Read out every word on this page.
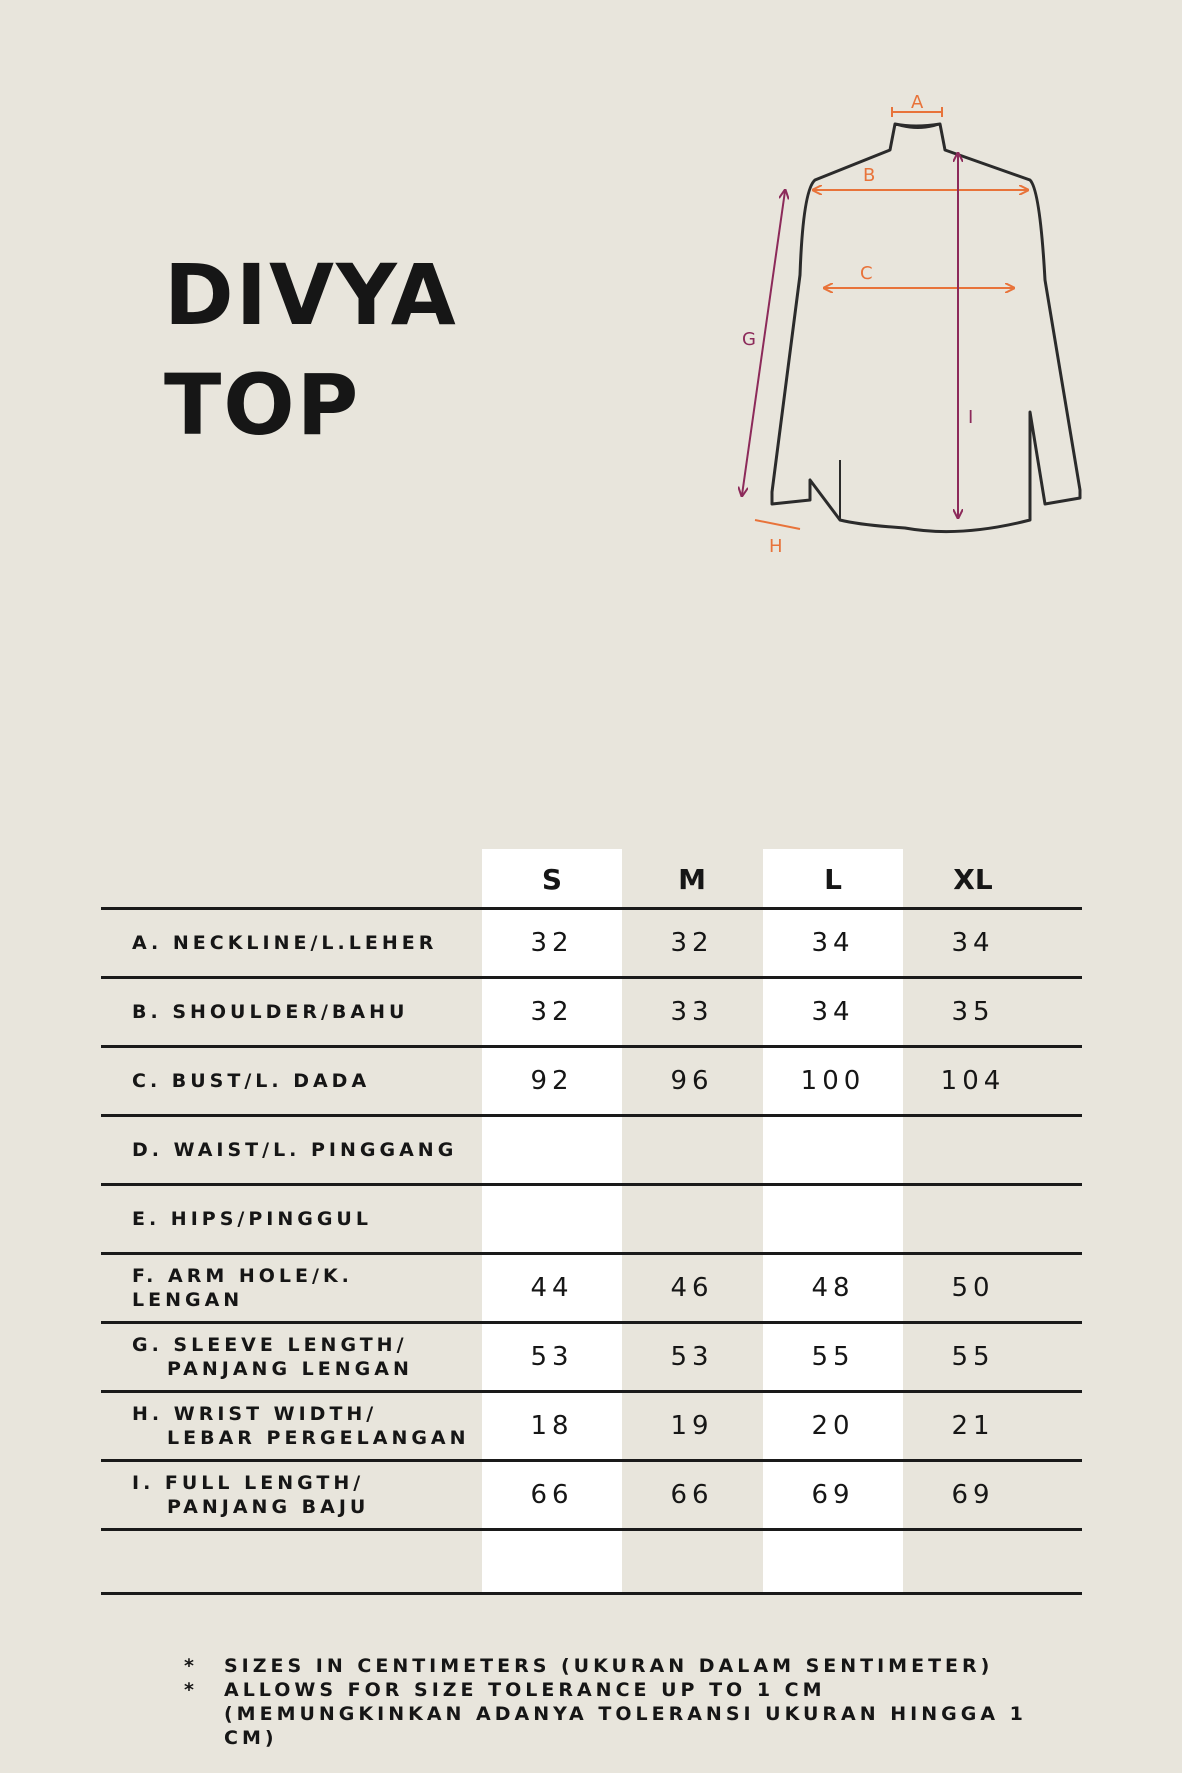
DIVYA
TOP
A
B
C
G
H
I
S	M	L	XL
A. NECKLINE/L.LEHER	32	32	34	34
B. SHOULDER/BAHU	32	33	34	35
C. BUST/L. DADA	92	96	100	104
D. WAIST/L. PINGGANG
E. HIPS/PINGGUL
F. ARM HOLE/K. LENGAN	44	46	48	50
G. SLEEVE LENGTH/
PANJANG LENGAN	53	53	55	55
H. WRIST WIDTH/
LEBAR PERGELANGAN	18	19	20	21
I. FULL LENGTH/
PANJANG BAJU	66	66	69	69
* SIZES IN CENTIMETERS (UKURAN DALAM SENTIMETER)
* ALLOWS FOR SIZE TOLERANCE UP TO 1 CM
(MEMUNGKINKAN ADANYA TOLERANSI UKURAN HINGGA 1 CM)
